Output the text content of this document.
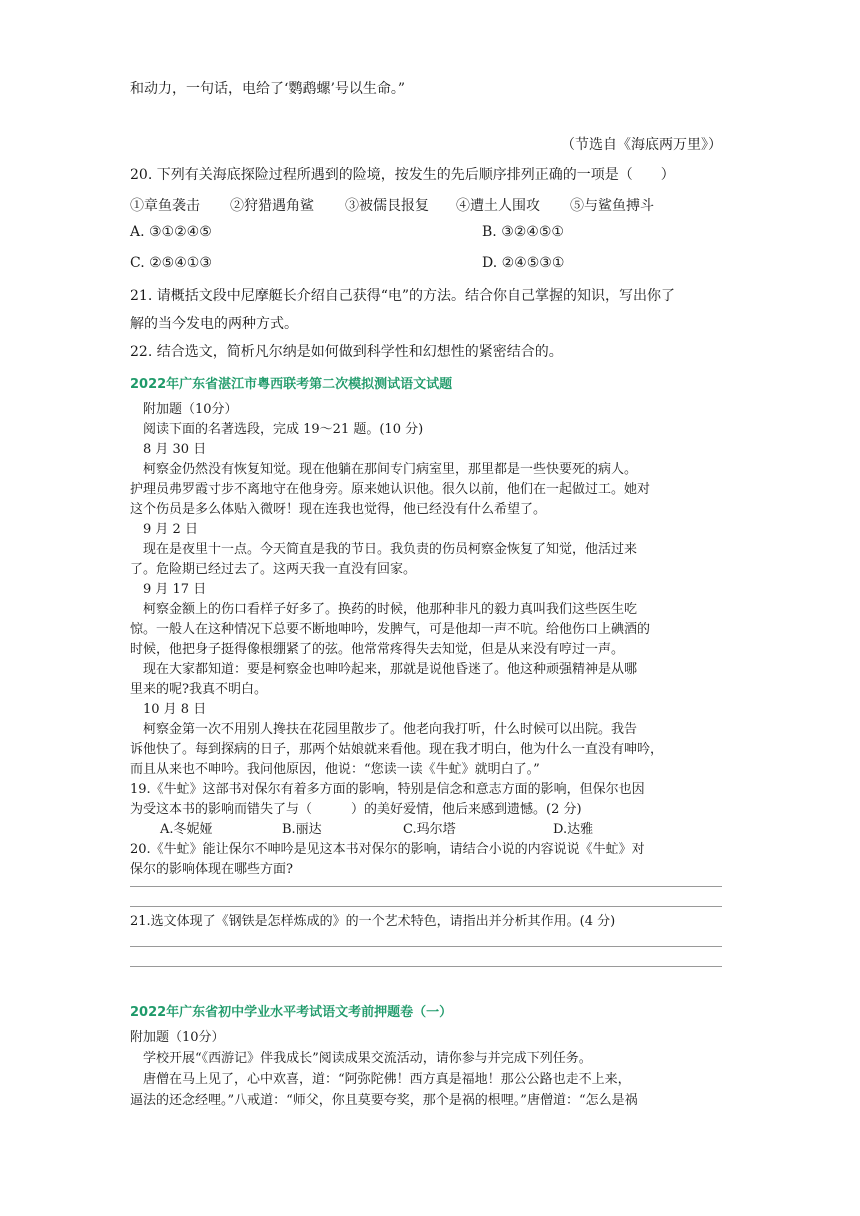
和动力，一句话，电给了‘鹦鹉螺’号以生命。”
（节选自《海底两万里》）
20. 下列有关海底探险过程所遇到的险境，按发生的先后顺序排列正确的一项是（　　）
①章鱼袭击 ②狩猎遇角鲨 ③被儒艮报复 ④遭土人围攻 ⑤与鲨鱼搏斗
A. ③①②④⑤	B. ③②④⑤①
C. ②⑤④①③	D. ②④⑤③①
21. 请概括文段中尼摩艇长介绍自己获得“电”的方法。结合你自己掌握的知识，写出你了
解的当今发电的两种方式。
22. 结合选文，简析凡尔纳是如何做到科学性和幻想性的紧密结合的。
2022年广东省湛江市粤西联考第二次模拟测试语文试题
　附加题（10分）
　阅读下面的名著选段，完成 19～21 题。(10 分)
　8 月 30 日
　柯察金仍然没有恢复知觉。现在他躺在那间专门病室里，那里都是一些快要死的病人。
护理员弗罗霞寸步不离地守在他身旁。原来她认识他。很久以前，他们在一起做过工。她对
这个伤员是多么体贴入微呀！现在连我也觉得，他已经没有什么希望了。
　9 月 2 日
　现在是夜里十一点。今天简直是我的节日。我负责的伤员柯察金恢复了知觉，他活过来
了。危险期已经过去了。这两天我一直没有回家。
　9 月 17 日
　柯察金额上的伤口看样子好多了。换药的时候，他那种非凡的毅力真叫我们这些医生吃
惊。一般人在这种情况下总要不断地呻吟，发脾气，可是他却一声不吭。给他伤口上碘酒的
时候，他把身子挺得像根绷紧了的弦。他常常疼得失去知觉，但是从来没有哼过一声。
　现在大家都知道：要是柯察金也呻吟起来，那就是说他昏迷了。他这种顽强精神是从哪
里来的呢?我真不明白。
　10 月 8 日
　柯察金第一次不用别人搀扶在花园里散步了。他老向我打听，什么时候可以出院。我告
诉他快了。每到探病的日子，那两个姑娘就来看他。现在我才明白，他为什么一直没有呻吟，
而且从来也不呻吟。我问他原因，他说：“您读一读《牛虻》就明白了。”
19.《牛虻》这部书对保尔有着多方面的影响，特别是信念和意志方面的影响，但保尔也因
为受这本书的影响而错失了与（　　　）的美好爱情，他后来感到遗憾。(2 分)
A.冬妮娅	B.丽达	C.玛尔塔	D.达雅
20.《牛虻》能让保尔不呻吟是见这本书对保尔的影响，请结合小说的内容说说《牛虻》对
保尔的影响体现在哪些方面?
21.选文体现了《钢铁是怎样炼成的》的一个艺术特色，请指出并分析其作用。(4 分)
2022年广东省初中学业水平考试语文考前押题卷（一）
附加题（10分）
　学校开展“《西游记》伴我成长”阅读成果交流活动，请你参与并完成下列任务。
　唐僧在马上见了，心中欢喜，道：“阿弥陀佛！西方真是福地！那公公路也走不上来，
逼法的还念经哩。”八戒道：“师父，你且莫要夸奖，那个是祸的根哩。”唐僧道：“怎么是祸
